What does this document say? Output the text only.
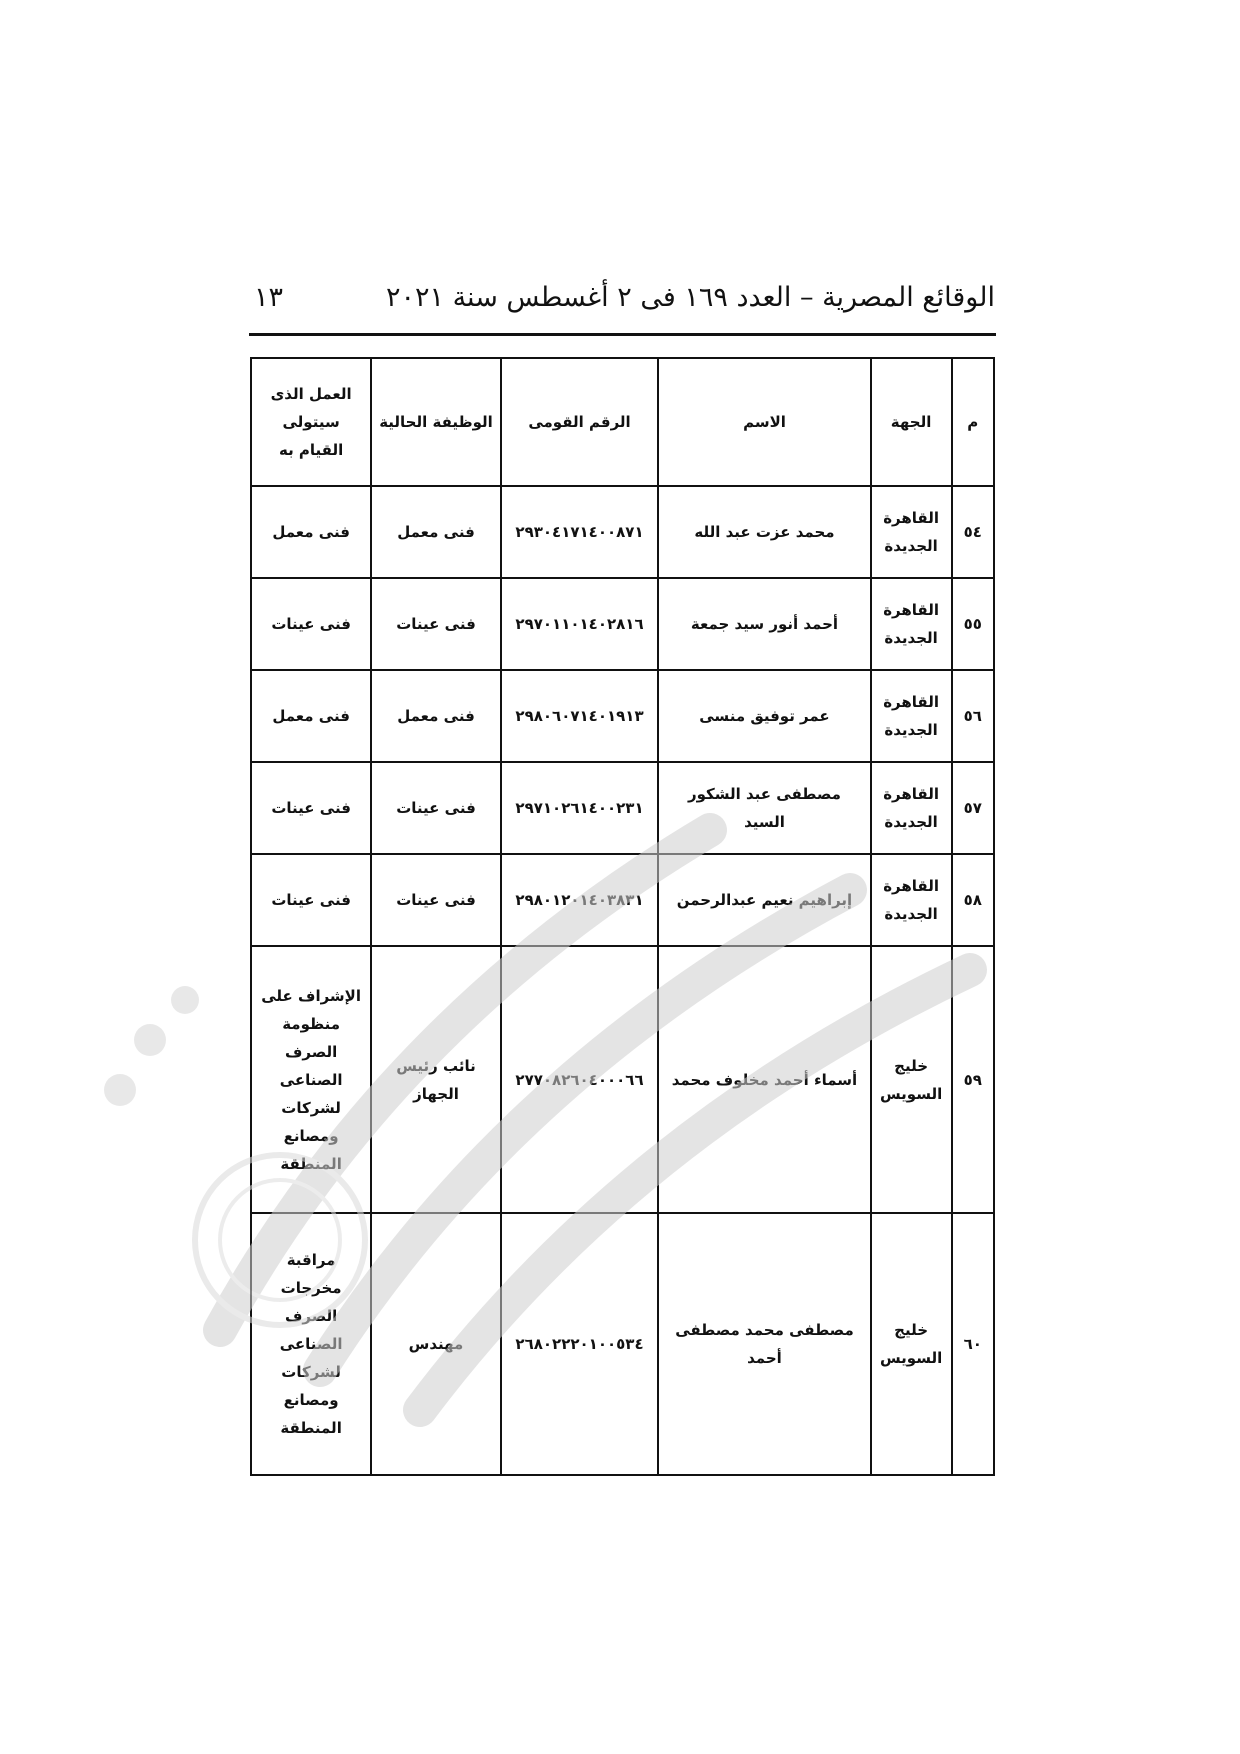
الوقائع المصرية – العدد ١٦٩ فى ٢ أغسطس سنة ٢٠٢١
١٣
م	الجهة	الاسم	الرقم القومى	الوظيفة الحالية	العمل الذى سيتولى القيام به
٥٤	القاهرة الجديدة	محمد عزت عبد الله	٢٩٣٠٤١٧١٤٠٠٨٧١	فنى معمل	فنى معمل
٥٥	القاهرة الجديدة	أحمد أنور سيد جمعة	٢٩٧٠١١٠١٤٠٢٨١٦	فنى عينات	فنى عينات
٥٦	القاهرة الجديدة	عمر توفيق منسى	٢٩٨٠٦٠٧١٤٠١٩١٣	فنى معمل	فنى معمل
٥٧	القاهرة الجديدة	مصطفى عبد الشكور السيد	٢٩٧١٠٢٦١٤٠٠٢٣١	فنى عينات	فنى عينات
٥٨	القاهرة الجديدة	إبراهيم نعيم عبدالرحمن	٢٩٨٠١٢٠١٤٠٣٨٣١	فنى عينات	فنى عينات
٥٩	خليج السويس	أسماء أحمد مخلوف محمد	٢٧٧٠٨٢٦٠٤٠٠٠٦٦	نائب رئيس الجهاز	الإشراف على منظومة الصرف الصناعى لشركات ومصانع المنطقة
٦٠	خليج السويس	مصطفى محمد مصطفى أحمد	٢٦٨٠٢٢٢٠١٠٠٥٣٤	مهندس	مراقبة مخرجات الصرف الصناعى لشركات ومصانع المنطقة
